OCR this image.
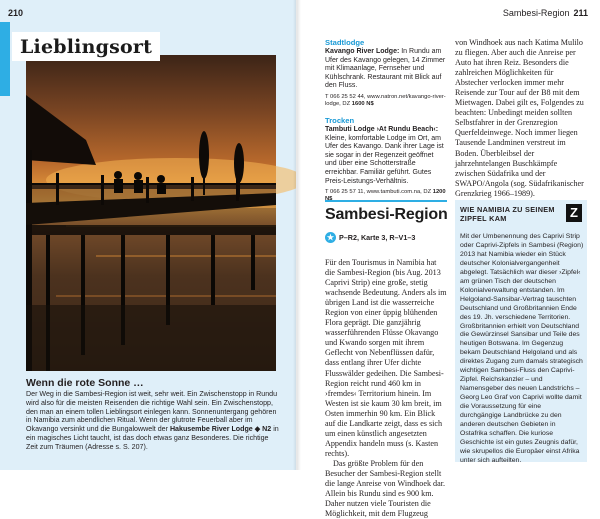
210
Lieblingsort
Wenn die rote Sonne …
Der Weg in die Sambesi-Region ist weit, sehr weit. Ein Zwischenstopp in Rundu wird also für die meisten Reisenden die richtige Wahl sein. Ein Zwischenstopp, den man an einem tollen Lieblingsort einlegen kann. Sonnenuntergang gehören in Namibia zum abendlichen Ritual. Wenn der glutrote Feuerball aber im Okavango versinkt und die Bungalowwelt der Hakusembe River Lodge ◆ N2 in ein magisches Licht taucht, ist das doch etwas ganz Besonderes. Die richtige Zeit zum Träumen (Adresse s. S. 207).
Sambesi-Region 211
Stadtlodge
Kavango River Lodge: In Rundu am Ufer des Kavango gelegen, 14 Zimmer mit Klimaanlage, Fernseher und Kühlschrank. Restaurant mit Blick auf den Fluss.
T 066 25 52 44, www.natron.net/kavango-river-lodge, DZ 1600 N$
Trocken
Tambuti Lodge ›At Rundu Beach‹: Kleine, komfortable Lodge im Ort, am Ufer des Kavango. Dank ihrer Lage ist sie sogar in der Regenzeit geöffnet und über eine Schotterstraße erreichbar. Familiär geführt. Gutes Preis-Leistungs-Verhältnis.
T 066 25 57 11, www.tambuti.com.na, DZ 1200
Sambesi-Region
★ P–R2, Karte 3, R–V1–3
Für den Tourismus in Namibia hat die Sambesi-Region (bis Aug. 2013 Caprivi Strip) eine große, stetig wachsende Bedeutung. Anders als im übrigen Land ist die wasserreiche Region von einer üppig blühenden Flora geprägt. Die ganzjährig wasserführenden Flüsse Okavango und Kwando sorgen mit ihrem Geflecht von Nebenflüssen dafür, dass entlang ihrer Ufer dichte Flusswälder gedeihen. Die Sambesi-Region reicht rund 460 km in ›fremdes‹ Territorium hinein. Im Westen ist sie kaum 30 km breit, im Osten immerhin 90 km. Ein Blick auf die Landkarte zeigt, dass es sich um einen künstlich angesetzten Appendix handeln muss (s. Kasten rechts).
Das größte Problem für den Besucher der Sambesi-Region stellt die lange Anreise von Windhoek dar. Allein bis Rundu sind es 900 km. Daher nutzen viele Touristen die Möglichkeit, mit dem Flugzeug
von Windhoek aus nach Katima Mulilo zu fliegen. Aber auch die Anreise per Auto hat ihren Reiz. Besonders die zahlreichen Möglichkeiten für Abstecher verlocken immer mehr Reisende zur Tour auf der B8 mit dem Mietwagen. Dabei gilt es, Folgendes zu beachten: Unbedingt meiden sollten Selbstfahrer in der Grenzregion Querfeldeinwege. Noch immer liegen Tausende Landminen verstreut im Boden. Überbleibsel der jahrzehntelangen Buschkämpfe zwischen Südafrika und der SWAPO/Angola (sog. Südafrikanischer Grenzkrieg 1966–1989).
WIE NAMIBIA ZU SEINEM ZIPFEL KAM	Z
Mit der Umbenennung des Caprivi Strip oder Caprivi-Zipfels in Sambesi (Region) 2013 hat Namibia wieder ein Stück deutscher Kolonialvergangenheit abgelegt. Tatsächlich war dieser ›Zipfel‹ am grünen Tisch der deutschen Kolonialverwaltung entstanden. Im Helgoland-Sansibar-Vertrag tauschten Deutschland und Großbritannien Ende des 19. Jh. verschiedene Territorien. Großbritannien erhielt von Deutschland die Gewürzinsel Sansibar und Teile des heutigen Botswana. Im Gegenzug bekam Deutschland Helgoland und als direktes Zugang zum damals strategisch wichtigen Sambesi-Fluss den Caprivi-Zipfel. Reichskanzler – und Namensgeber des neuen Landstrichs – Georg Leo Graf von Caprivi wollte damit die Voraussetzung für eine durchgängige Landbrücke zu den anderen deutschen Gebieten in Ostafrika schaffen. Die kuriose Geschichte ist ein gutes Zeugnis dafür, wie skrupellos die Europäer einst Afrika unter sich aufteilten.
